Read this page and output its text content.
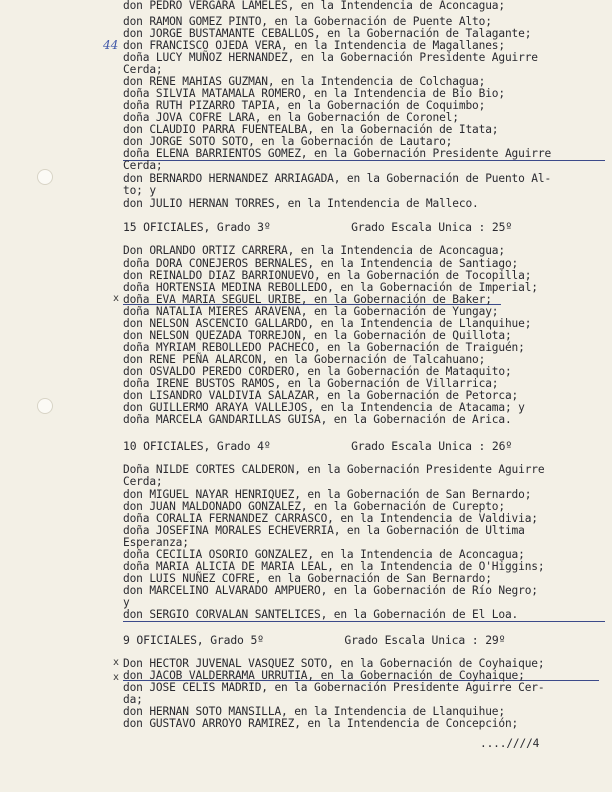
44
x
x
x
don PEDRO VERGARA LAMELES, en la Intendencia de Aconcagua;
don RAMON GOMEZ PINTO, en la Gobernación de Puente Alto;
don JORGE BUSTAMANTE CEBALLOS, en la Gobernación de Talagante;
don FRANCISCO OJEDA VERA, en la Intendencia de Magallanes;
doña LUCY MUÑOZ HERNANDEZ, en la Gobernación Presidente Aguirre
Cerda;
don RENE MAHIAS GUZMAN, en la Intendencia de Colchagua;
doña SILVIA MATAMALA ROMERO, en la Intendencia de Bio Bio;
doña RUTH PIZARRO TAPIA, en la Gobernación de Coquimbo;
doña JOVA COFRE LARA, en la Gobernación de Coronel;
don CLAUDIO PARRA FUENTEALBA, en la Gobernación de Itata;
don JORGE SOTO SOTO, en la Gobernación de Lautaro;
doña ELENA BARRIENTOS GOMEZ, en la Gobernación Presidente Aguirre
Cerda;
don BERNARDO HERNANDEZ ARRIAGADA, en la Gobernación de Puento Al-
to; y
don JULIO HERNAN TORRES, en la Intendencia de Malleco.
15 OFICIALES, Grado 3º            Grado Escala Unica : 25º
Don ORLANDO ORTIZ CARRERA, en la Intendencia de Aconcagua;
doña DORA CONEJEROS BERNALES, en la Intendencia de Santiago;
don REINALDO DIAZ BARRIONUEVO, en la Gobernación de Tocopilla;
doña HORTENSIA MEDINA REBOLLEDO, en la Gobernación de Imperial;
doña EVA MARIA SEGUEL URIBE, en la Gobernación de Baker;
doña NATALIA MIERES ARAVENA, en la Gobernación de Yungay;
don NELSON ASCENCIO GALLARDO, en la Intendencia de Llanquihue;
don NELSON QUEZADA TORREJON, en la Gobernación de Quillota;
doña MYRIAM REBOLLEDO PACHECO, en la Gobernación de Traiguén;
don RENE PEÑA ALARCON, en la Gobernación de Talcahuano;
don OSVALDO PEREDO CORDERO, en la Gobernación de Mataquito;
doña IRENE BUSTOS RAMOS, en la Gobernación de Villarrica;
don LISANDRO VALDIVIA SALAZAR, en la Gobernación de Petorca;
don GUILLERMO ARAYA VALLEJOS, en la Intendencia de Atacama; y
doña MARCELA GANDARILLAS GUISA, en la Gobernación de Arica.
10 OFICIALES, Grado 4º            Grado Escala Unica : 26º
Doña NILDE CORTES CALDERON, en la Gobernación Presidente Aguirre
Cerda;
don MIGUEL NAYAR HENRIQUEZ, en la Gobernación de San Bernardo;
don JUAN MALDONADO GONZALEZ, en la Gobernación de Curepto;
doña CORALIA FERNANDEZ CARRASCO, en la Intendencia de Valdivia;
doña JOSEFINA MORALES ECHEVERRIA, en la Gobernación de Ultima
Esperanza;
doña CECILIA OSORIO GONZALEZ, en la Intendencia de Aconcagua;
doña MARIA ALICIA DE MARIA LEAL, en la Intendencia de O'Higgins;
don LUIS NUÑEZ COFRE, en la Gobernación de San Bernardo;
don MARCELINO ALVARADO AMPUERO, en la Gobernación de Río Negro;
y
don SERGIO CORVALAN SANTELICES, en la Gobernación de El Loa.
9 OFICIALES, Grado 5º            Grado Escala Unica : 29º
Don HECTOR JUVENAL VASQUEZ SOTO, en la Gobernación de Coyhaique;
don JACOB VALDERRAMA URRUTIA, en la Gobernación de Coyhaique;
don JOSE CELIS MADRID, en la Gobernación Presidente Aguirre Cer-
da;
don HERNAN SOTO MANSILLA, en la Intendencia de Llanquihue;
don GUSTAVO ARROYO RAMIREZ, en la Intendencia de Concepción;
....////4
